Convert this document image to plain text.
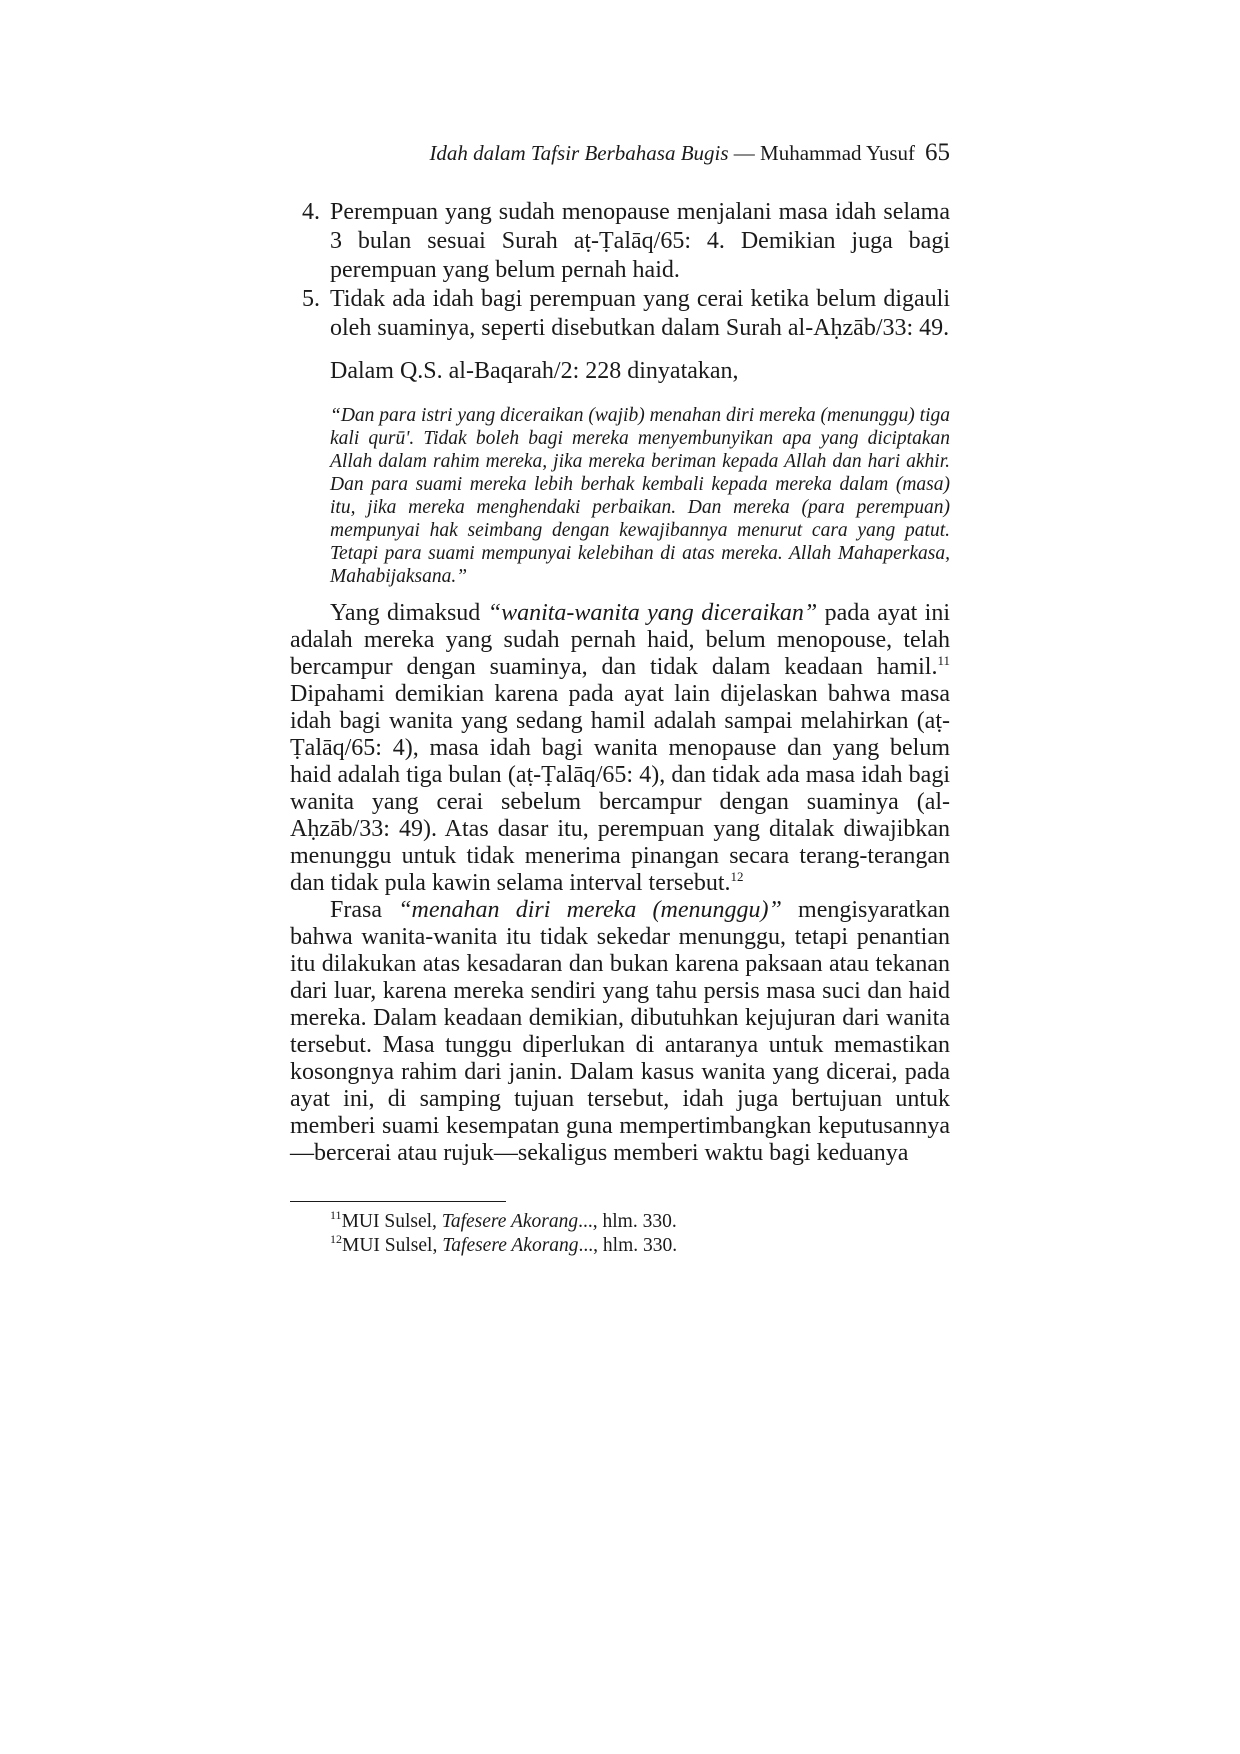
Idah dalam Tafsir Berbahasa Bugis — Muhammad Yusuf 65
4. Perempuan yang sudah menopause menjalani masa idah selama 3 bulan sesuai Surah aṭ-Ṭalāq/65: 4. Demikian juga bagi perempuan yang belum pernah haid.
5. Tidak ada idah bagi perempuan yang cerai ketika belum digauli oleh suaminya, seperti disebutkan dalam Surah al-Aḥzāb/33: 49.

Dalam Q.S. al-Baqarah/2: 228 dinyatakan,

“Dan para istri yang diceraikan (wajib) menahan diri mereka (menunggu) tiga kali qurū'. Tidak boleh bagi mereka menyembunyikan apa yang diciptakan Allah dalam rahim mereka, jika mereka beriman kepada Allah dan hari akhir. Dan para suami mereka lebih berhak kembali kepada mereka dalam (masa) itu, jika mereka menghendaki perbaikan. Dan mereka (para perempuan) mempunyai hak seimbang dengan kewajibannya menurut cara yang patut. Tetapi para suami mempunyai kelebihan di atas mereka. Allah Mahaperkasa, Mahabijaksana.”

Yang dimaksud “wanita-wanita yang diceraikan” pada ayat ini adalah mereka yang sudah pernah haid, belum menopouse, telah bercampur dengan suaminya, dan tidak dalam keadaan hamil.$^{11}$ Dipahami demikian karena pada ayat lain dijelaskan bahwa masa idah bagi wanita yang sedang hamil adalah sampai melahirkan (aṭ-Ṭalāq/65: 4), masa idah bagi wanita menopause dan yang belum haid adalah tiga bulan (aṭ-Ṭalāq/65: 4), dan tidak ada masa idah bagi wanita yang cerai sebelum bercampur dengan suaminya (al-Aḥzāb/33: 49). Atas dasar itu, perempuan yang ditalak diwajibkan menunggu untuk tidak menerima pinangan secara terang-terangan dan tidak pula kawin selama interval tersebut.$^{12}$

Frasa “menahan diri mereka (menunggu)” mengisyaratkan bahwa wanita-wanita itu tidak sekedar menunggu, tetapi penantian itu dilakukan atas kesadaran dan bukan karena paksaan atau tekanan dari luar, karena mereka sendiri yang tahu persis masa suci dan haid mereka. Dalam keadaan demikian, dibutuhkan kejujuran dari wanita tersebut. Masa tunggu diperlukan di antaranya untuk memastikan kosongnya rahim dari janin. Dalam kasus wanita yang dicerai, pada ayat ini, di samping tujuan tersebut, idah juga bertujuan untuk memberi suami kesempatan guna mempertimbangkan keputusannya—bercerai atau rujuk—sekaligus memberi waktu bagi keduanya

$^{11}$MUI Sulsel, Tafesere Akorang..., hlm. 330.
$^{12}$MUI Sulsel, Tafesere Akorang..., hlm. 330.
